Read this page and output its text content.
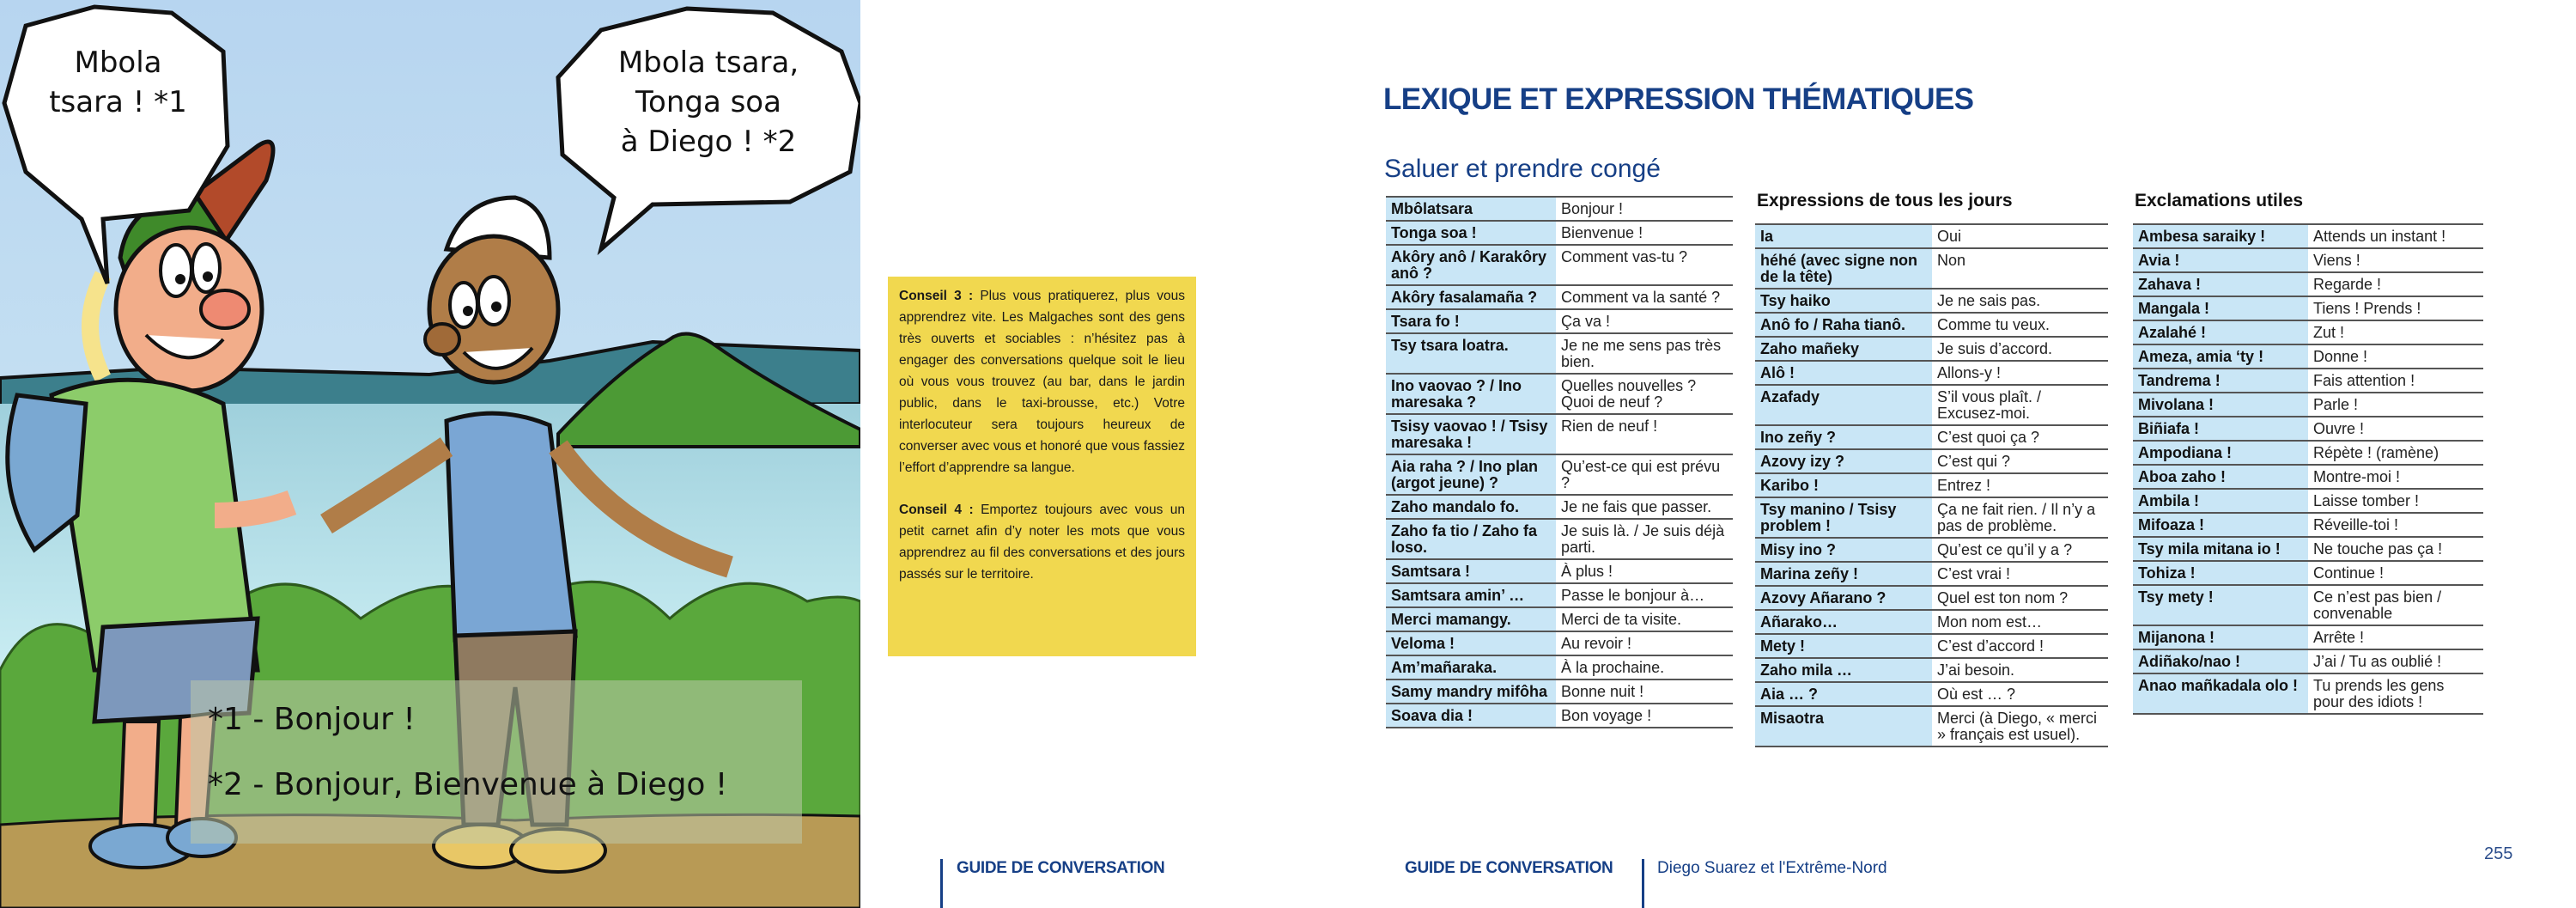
Mbola
tsara ! *1
Mbola tsara,
Tonga soa
à Diego ! *2
*1 - Bonjour !
*2 - Bonjour, Bienvenue à Diego !

Conseil 3 : Plus vous pratiquerez, plus vous apprendrez vite. Les Malgaches sont des gens très ouverts et sociables : n’hésitez pas à engager des conversations quelque soit le lieu où vous vous trouvez (au bar, dans le jardin public, dans le taxi-brousse, etc.) Votre interlocuteur sera toujours heureux de converser avec vous et honoré que vous fassiez l’effort d’apprendre sa langue.

Conseil 4 : Emportez toujours avec vous un petit carnet afin d’y noter les mots que vous apprendrez au fil des conversations et des jours passés sur le territoire.

GUIDE DE CONVERSATION
LEXIQUE ET EXPRESSION THÉMATIQUES
Saluer et prendre congé
Expressions de tous les jours	Exclamations utiles
Mbôlatsara	Bonjour !
Tonga soa !	Bienvenue !
Akôry anô / Karakôry anô ?	Comment vas-tu ?
Akôry fasalamaña ?	Comment va la santé ?
Tsara fo !	Ça va !
Tsy tsara loatra.	Je ne me sens pas très bien.
Ino vaovao ? / Ino maresaka ?	Quelles nouvelles ? Quoi de neuf ?
Tsisy vaovao ! / Tsisy maresaka !	Rien de neuf !
Aia raha ? / Ino plan (argot jeune) ?	Qu’est-ce qui est prévu ?
Zaho mandalo fo.	Je ne fais que passer.
Zaho fa tio / Zaho fa loso.	Je suis là. / Je suis déjà parti.
Samtsara !	À plus !
Samtsara amin’ …	Passe le bonjour à…
Merci mamangy.	Merci de ta visite.
Veloma !	Au revoir !
Am’mañaraka.	À la prochaine.
Samy mandry mifôha	Bonne nuit !
Soava dia !	Bon voyage !
Ia	Oui
héhé (avec signe non de la tête)	Non
Tsy haiko	Je ne sais pas.
Anô fo / Raha tianô.	Comme tu veux.
Zaho mañeky	Je suis d’accord.
Alô !	Allons-y !
Azafady	S’il vous plaît. / Excusez-moi.
Ino zeñy ?	C’est quoi ça ?
Azovy izy ?	C’est qui ?
Karibo !	Entrez !
Tsy manino / Tsisy problem !	Ça ne fait rien. / Il n’y a pas de problème.
Misy ino ?	Qu’est ce qu’il y a ?
Marina zeñy !	C’est vrai !
Azovy Añarano ?	Quel est ton nom ?
Añarako…	Mon nom est…
Mety !	C’est d’accord !
Zaho mila …	J’ai besoin.
Aia … ?	Où est … ?
Misaotra	Merci (à Diego, « merci » français est usuel).
Ambesa saraiky !	Attends un instant !
Avia !	Viens !
Zahava !	Regarde !
Mangala !	Tiens ! Prends !
Azalahé !	Zut !
Ameza, amia ‘ty !	Donne !
Tandrema !	Fais attention !
Mivolana !	Parle !
Biñiafa !	Ouvre !
Ampodiana !	Répète ! (ramène)
Aboa zaho !	Montre-moi !
Ambila !	Laisse tomber !
Mifoaza !	Réveille-toi !
Tsy mila mitana io !	Ne touche pas ça !
Tohiza !	Continue !
Tsy mety !	Ce n’est pas bien / convenable
Mijanona !	Arrête !
Adiñako/nao !	J’ai / Tu as oublié !
Anao mañkadala olo !	Tu prends les gens pour des idiots !
GUIDE DE CONVERSATION	Diego Suarez et l'Extrême-Nord
255
